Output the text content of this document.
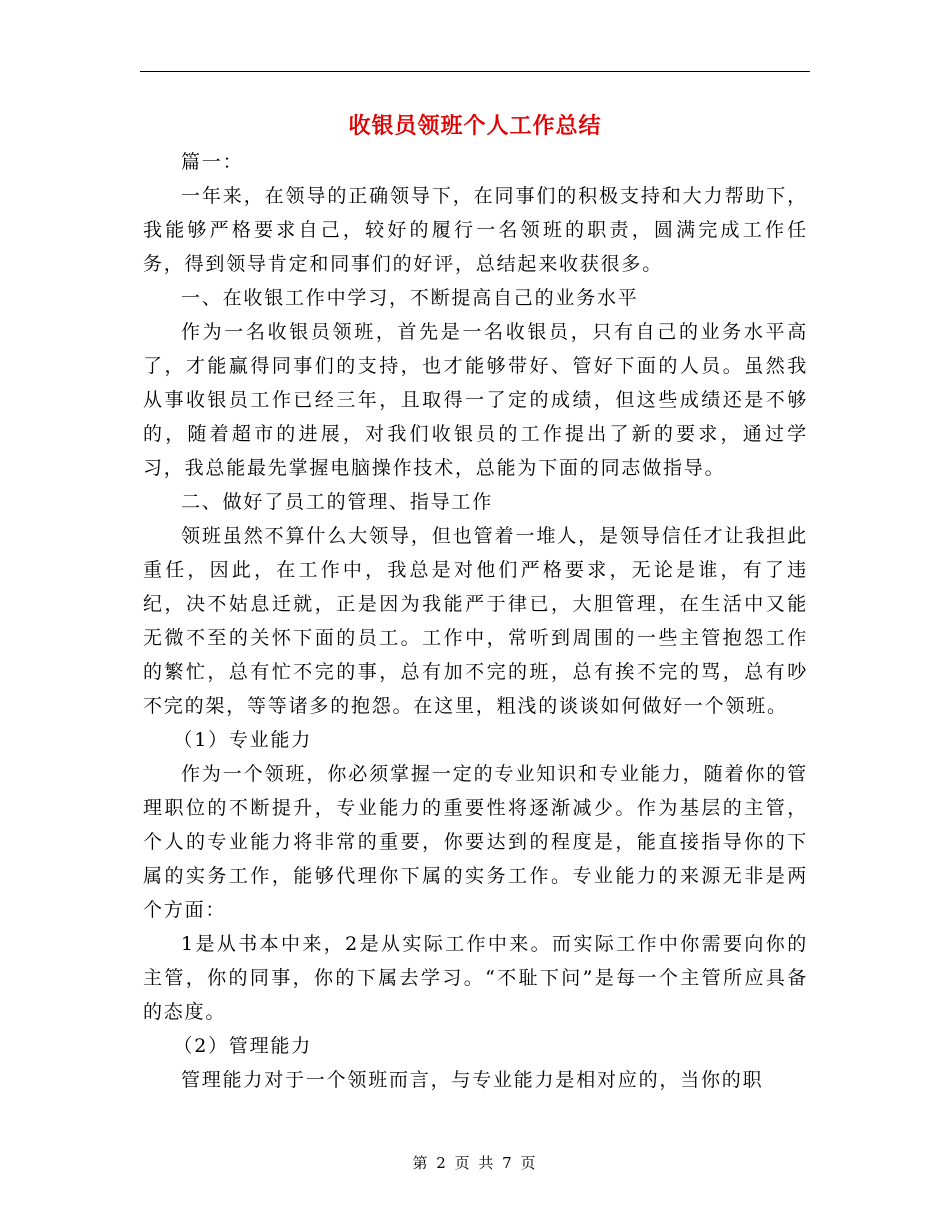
收银员领班个人工作总结

篇一：

一年来，在领导的正确领导下，在同事们的积极支持和大力帮助下，我能够严格要求自己，较好的履行一名领班的职责，圆满完成工作任务，得到领导肯定和同事们的好评，总结起来收获很多。

一、在收银工作中学习，不断提高自己的业务水平

作为一名收银员领班，首先是一名收银员，只有自己的业务水平高了，才能赢得同事们的支持，也才能够带好、管好下面的人员。虽然我从事收银员工作已经三年，且取得一了定的成绩，但这些成绩还是不够的，随着超市的进展，对我们收银员的工作提出了新的要求，通过学习，我总能最先掌握电脑操作技术，总能为下面的同志做指导。

二、做好了员工的管理、指导工作

领班虽然不算什么大领导，但也管着一堆人，是领导信任才让我担此重任，因此，在工作中，我总是对他们严格要求，无论是谁，有了违纪，决不姑息迁就，正是因为我能严于律已，大胆管理，在生活中又能无微不至的关怀下面的员工。工作中，常听到周围的一些主管抱怨工作的繁忙，总有忙不完的事，总有加不完的班，总有挨不完的骂，总有吵不完的架，等等诸多的抱怨。在这里，粗浅的谈谈如何做好一个领班。

（1）专业能力

作为一个领班，你必须掌握一定的专业知识和专业能力，随着你的管理职位的不断提升，专业能力的重要性将逐渐减少。作为基层的主管，个人的专业能力将非常的重要，你要达到的程度是，能直接指导你的下属的实务工作，能够代理你下属的实务工作。专业能力的来源无非是两个方面：

1是从书本中来，2是从实际工作中来。而实际工作中你需要向你的主管，你的同事，你的下属去学习。“不耻下问”是每一个主管所应具备的态度。

（2）管理能力

管理能力对于一个领班而言，与专业能力是相对应的，当你的职

第 2 页 共 7 页
